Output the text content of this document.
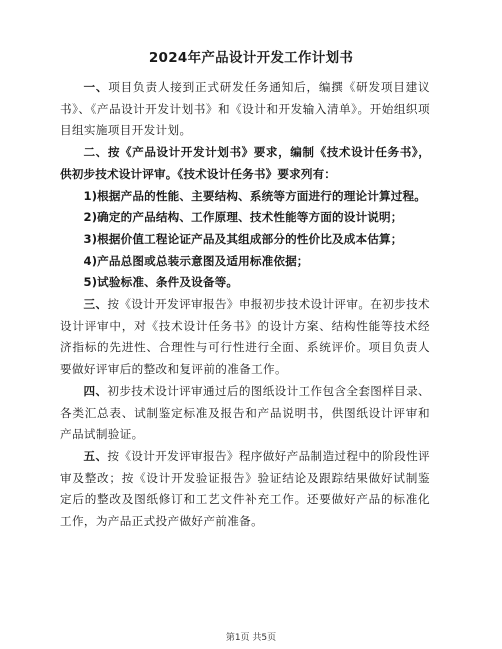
2024年产品设计开发工作计划书

一、项目负责人接到正式研发任务通知后，编撰《研发项目建议书》、《产品设计开发计划书》和《设计和开发输入清单》。开始组织项目组实施项目开发计划。

二、按《产品设计开发计划书》要求，编制《技术设计任务书》，供初步技术设计评审。《技术设计任务书》要求列有：

1)根据产品的性能、主要结构、系统等方面进行的理论计算过程。

2)确定的产品结构、工作原理、技术性能等方面的设计说明；

3)根据价值工程论证产品及其组成部分的性价比及成本估算；

4)产品总图或总装示意图及适用标准依据；

5)试验标准、条件及设备等。

三、按《设计开发评审报告》申报初步技术设计评审。在初步技术设计评审中，对《技术设计任务书》的设计方案、结构性能等技术经济指标的先进性、合理性与可行性进行全面、系统评价。项目负责人要做好评审后的整改和复评前的准备工作。

四、初步技术设计评审通过后的图纸设计工作包含全套图样目录、各类汇总表、试制鉴定标准及报告和产品说明书，供图纸设计评审和产品试制验证。

五、按《设计开发评审报告》程序做好产品制造过程中的阶段性评审及整改；按《设计开发验证报告》验证结论及跟踪结果做好试制鉴定后的整改及图纸修订和工艺文件补充工作。还要做好产品的标准化工作，为产品正式投产做好产前准备。

第1页 共5页
